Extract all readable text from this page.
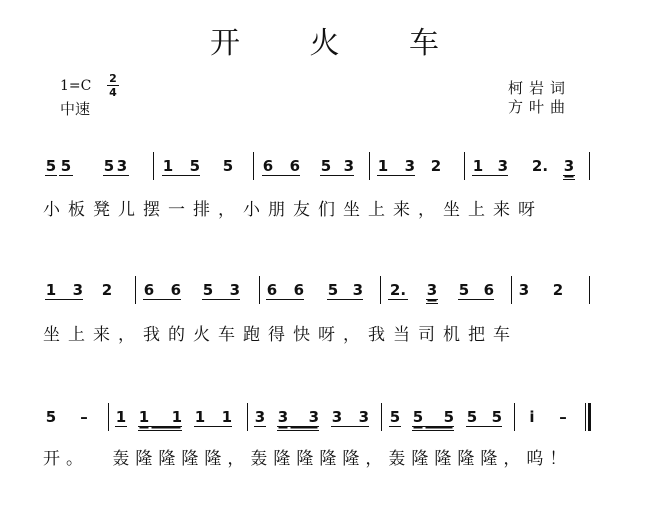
开 火 车
1=C 2
4
中速
柯岩词
方叶曲
5 5 5 3 1	5 5 6	6 5 3 1	3 2 1 3 2. 3
小板凳儿摆一排，小朋友们坐上来，坐上来呀
1	3 2 6	6 5	3 6	6 5 3 2. 3 5 6 3 2
坐上来，我的火车跑得快呀，我当司机把车
5 – 1 1	1 1	1 3 3	3 3	3 5 5	5 5 5 i –
开。 轰隆隆隆隆，轰隆隆隆隆，轰隆隆隆隆，呜！
